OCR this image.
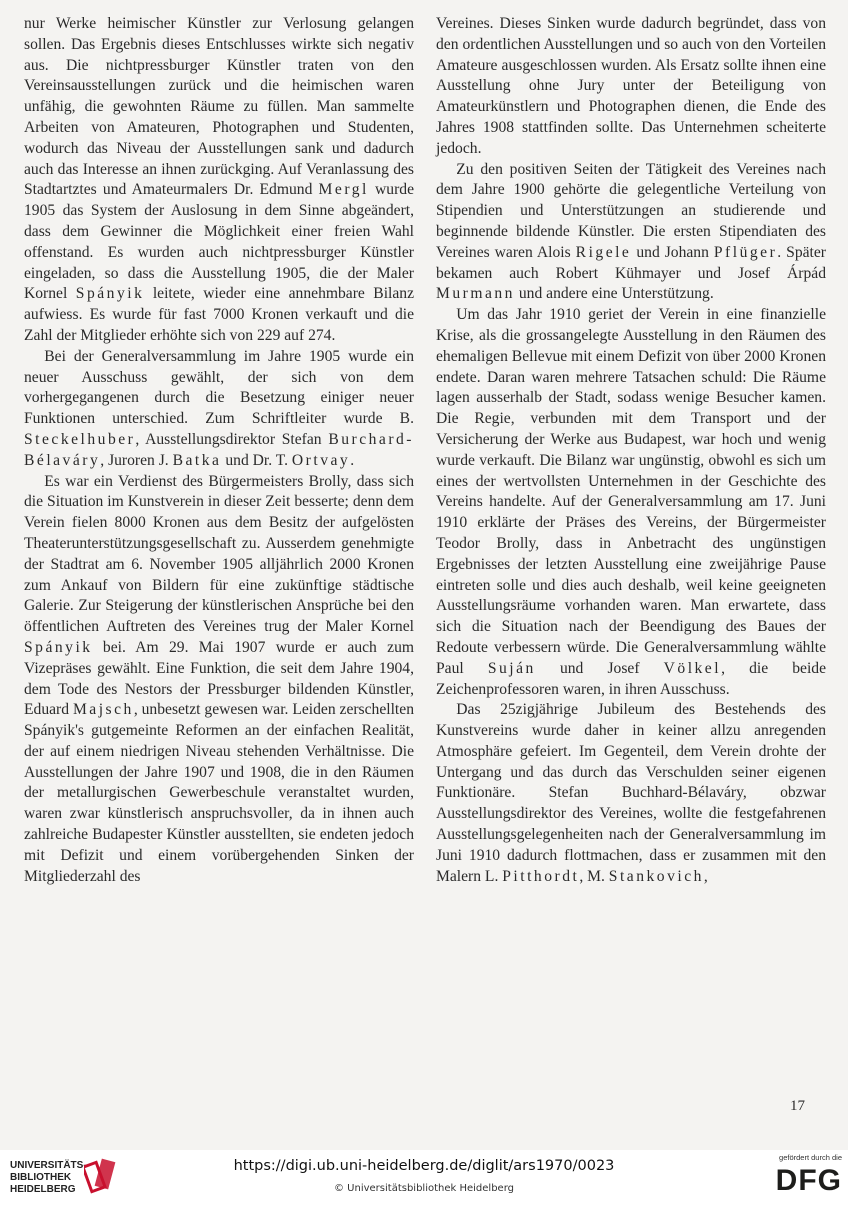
nur Werke heimischer Künstler zur Verlosung gelangen sollen. Das Ergebnis dieses Entschlusses wirkte sich negativ aus. Die nichtpressburger Künstler traten von den Vereinsausstellungen zurück und die heimischen waren unfähig, die gewohnten Räume zu füllen. Man sammelte Arbeiten von Amateuren, Photographen und Studenten, wodurch das Niveau der Ausstellungen sank und dadurch auch das Interesse an ihnen zurückging. Auf Veranlassung des Stadtartztes und Amateurmalers Dr. Edmund Mergl wurde 1905 das System der Auslosung in dem Sinne abgeändert, dass dem Gewinner die Möglichkeit einer freien Wahl offenstand. Es wurden auch nichtpressburger Künstler eingeladen, so dass die Ausstellung 1905, die der Maler Kornel Spányik leitete, wieder eine annehmbare Bilanz aufwiess. Es wurde für fast 7000 Kronen verkauft und die Zahl der Mitglieder erhöhte sich von 229 auf 274.

Bei der Generalversammlung im Jahre 1905 wurde ein neuer Ausschuss gewählt, der sich von dem vorhergegangenen durch die Besetzung einiger neuer Funktionen unterschied. Zum Schriftleiter wurde B. Steckelhuber, Ausstellungsdirektor Stefan Burchard-Bélaváry, Juroren J. Batka und Dr. T. Ortvay.

Es war ein Verdienst des Bürgermeisters Brolly, dass sich die Situation im Kunstverein in dieser Zeit besserte; denn dem Verein fielen 8000 Kronen aus dem Besitz der aufgelösten Theaterunterstützungsgesellschaft zu. Ausserdem genehmigte der Stadtrat am 6. November 1905 alljährlich 2000 Kronen zum Ankauf von Bildern für eine zukünftige städtische Galerie. Zur Steigerung der künstlerischen Ansprüche bei den öffentlichen Auftreten des Vereines trug der Maler Kornel Spányik bei. Am 29. Mai 1907 wurde er auch zum Vizepräses gewählt. Eine Funktion, die seit dem Jahre 1904, dem Tode des Nestors der Pressburger bildenden Künstler, Eduard Majsch, unbesetzt gewesen war. Leiden zerschellten Spányik's gutgemeinte Reformen an der einfachen Realität, der auf einem niedrigen Niveau stehenden Verhältnisse. Die Ausstellungen der Jahre 1907 und 1908, die in den Räumen der metallurgischen Gewerbeschule veranstaltet wurden, waren zwar künstlerisch anspruchsvoller, da in ihnen auch zahlreiche Budapester Künstler ausstellten, sie endeten jedoch mit Defizit und einem vorübergehenden Sinken der Mitgliederzahl des

Vereines. Dieses Sinken wurde dadurch begründet, dass von den ordentlichen Ausstellungen und so auch von den Vorteilen Amateure ausgeschlossen wurden. Als Ersatz sollte ihnen eine Ausstellung ohne Jury unter der Beteiligung von Amateurkünstlern und Photographen dienen, die Ende des Jahres 1908 stattfinden sollte. Das Unternehmen scheiterte jedoch.

Zu den positiven Seiten der Tätigkeit des Vereines nach dem Jahre 1900 gehörte die gelegentliche Verteilung von Stipendien und Unterstützungen an studierende und beginnende bildende Künstler. Die ersten Stipendiaten des Vereines waren Alois Rigele und Johann Pflüger. Später bekamen auch Robert Kühmayer und Josef Árpád Murmann und andere eine Unterstützung.

Um das Jahr 1910 geriet der Verein in eine finanzielle Krise, als die grossangelegte Ausstellung in den Räumen des ehemaligen Bellevue mit einem Defizit von über 2000 Kronen endete. Daran waren mehrere Tatsachen schuld: Die Räume lagen ausserhalb der Stadt, sodass wenige Besucher kamen. Die Regie, verbunden mit dem Transport und der Versicherung der Werke aus Budapest, war hoch und wenig wurde verkauft. Die Bilanz war ungünstig, obwohl es sich um eines der wertvollsten Unternehmen in der Geschichte des Vereins handelte. Auf der Generalversammlung am 17. Juni 1910 erklärte der Präses des Vereins, der Bürgermeister Teodor Brolly, dass in Anbetracht des ungünstigen Ergebnisses der letzten Ausstellung eine zweijährige Pause eintreten solle und dies auch deshalb, weil keine geeigneten Ausstellungsräume vorhanden waren. Man erwartete, dass sich die Situation nach der Beendigung des Baues der Redoute verbessern würde. Die Generalversammlung wählte Paul Suján und Josef Völkel, die beide Zeichenprofessoren waren, in ihren Ausschuss.

Das 25zigjährige Jubileum des Bestehends des Kunstvereins wurde daher in keiner allzu anregenden Atmosphäre gefeiert. Im Gegenteil, dem Verein drohte der Untergang und das durch das Verschulden seiner eigenen Funktionäre. Stefan Buchhard-Bélaváry, obzwar Ausstellungsdirektor des Vereines, wollte die festgefahrenen Ausstellungsgelegenheiten nach der Generalversammlung im Juni 1910 dadurch flottmachen, dass er zusammen mit den Malern L. Pitthordt, M. Stankovich,

17
UNIVERSITÄTS-
BIBLIOTHEK
HEIDELBERG
https://digi.ub.uni-heidelberg.de/diglit/ars1970/0023
© Universitätsbibliothek Heidelberg
gefördert durch die
DFG
